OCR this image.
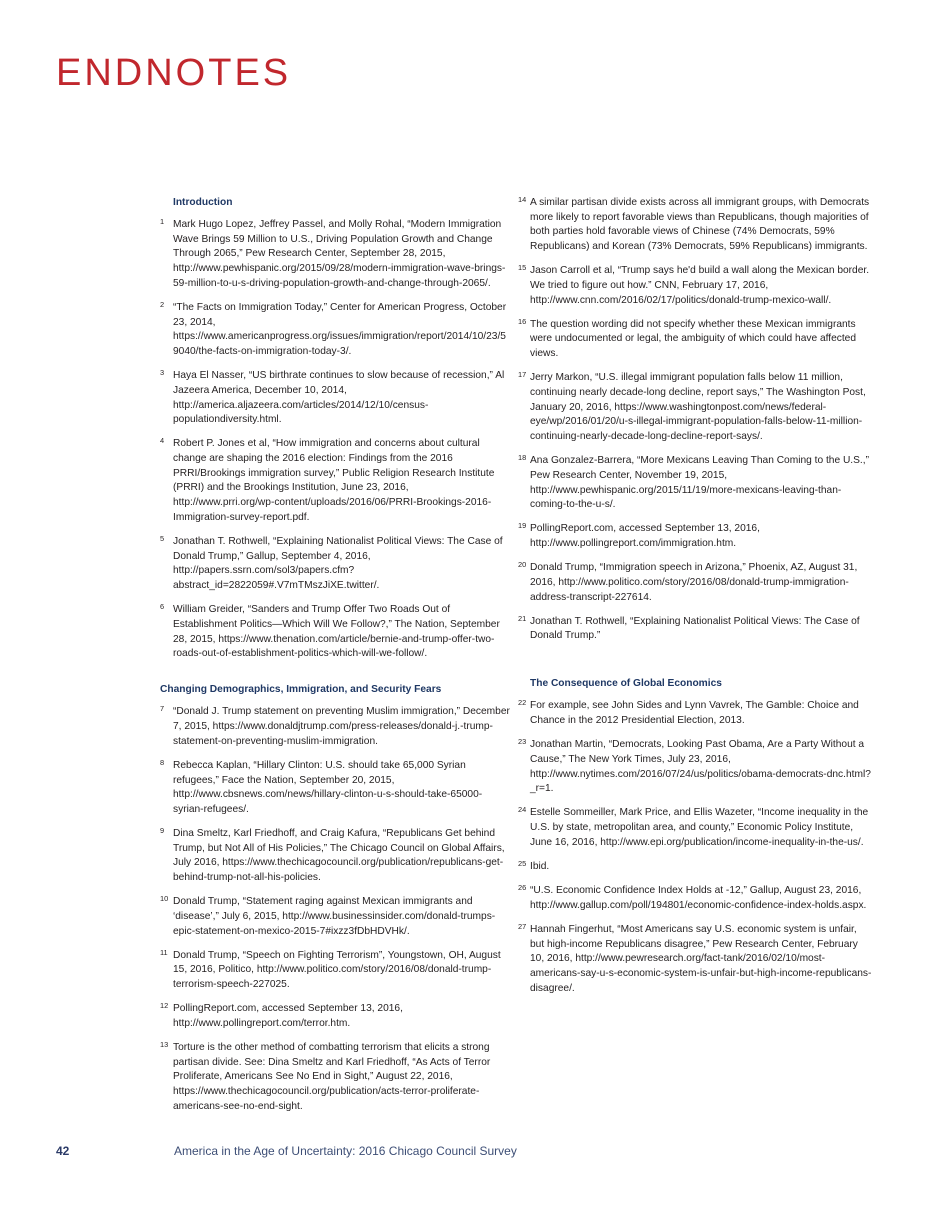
ENDNOTES
Introduction
1 Mark Hugo Lopez, Jeffrey Passel, and Molly Rohal, “Modern Immigration Wave Brings 59 Million to U.S., Driving Population Growth and Change Through 2065,” Pew Research Center, September 28, 2015, http://www.pewhispanic.org/2015/09/28/modern-immigration-wave-brings-59-million-to-u-s-driving-population-growth-and-change-through-2065/.
2 “The Facts on Immigration Today,” Center for American Progress, October 23, 2014, https://www.americanprogress.org/issues/immigration/report/2014/10/23/59040/the-facts-on-immigration-today-3/.
3 Haya El Nasser, “US birthrate continues to slow because of recession,” Al Jazeera America, December 10, 2014, http://america.aljazeera.com/articles/2014/12/10/census-populationdiversity.html.
4 Robert P. Jones et al, “How immigration and concerns about cultural change are shaping the 2016 election: Findings from the 2016 PRRI/Brookings immigration survey,” Public Religion Research Institute (PRRI) and the Brookings Institution, June 23, 2016, http://www.prri.org/wp-content/uploads/2016/06/PRRI-Brookings-2016-Immigration-survey-report.pdf.
5 Jonathan T. Rothwell, “Explaining Nationalist Political Views: The Case of Donald Trump,” Gallup, September 4, 2016, http://papers.ssrn.com/sol3/papers.cfm?abstract_id=2822059#.V7mTMszJiXE.twitter/.
6 William Greider, “Sanders and Trump Offer Two Roads Out of Establishment Politics—Which Will We Follow?,” The Nation, September 28, 2015, https://www.thenation.com/article/bernie-and-trump-offer-two-roads-out-of-establishment-politics-which-will-we-follow/.
Changing Demographics, Immigration, and Security Fears
7 “Donald J. Trump statement on preventing Muslim immigration,” December 7, 2015, https://www.donaldjtrump.com/press-releases/donald-j.-trump-statement-on-preventing-muslim-immigration.
8 Rebecca Kaplan, “Hillary Clinton: U.S. should take 65,000 Syrian refugees,” Face the Nation, September 20, 2015, http://www.cbsnews.com/news/hillary-clinton-u-s-should-take-65000-syrian-refugees/.
9 Dina Smeltz, Karl Friedhoff, and Craig Kafura, “Republicans Get behind Trump, but Not All of His Policies,” The Chicago Council on Global Affairs, July 2016, https://www.thechicagocouncil.org/publication/republicans-get-behind-trump-not-all-his-policies.
10 Donald Trump, “Statement raging against Mexican immigrants and ‘disease’,” July 6, 2015, http://www.businessinsider.com/donald-trumps-epic-statement-on-mexico-2015-7#ixzz3fDbHDVHk/.
11 Donald Trump, “Speech on Fighting Terrorism”, Youngstown, OH, August 15, 2016, Politico, http://www.politico.com/story/2016/08/donald-trump-terrorism-speech-227025.
12 PollingReport.com, accessed September 13, 2016, http://www.pollingreport.com/terror.htm.
13 Torture is the other method of combatting terrorism that elicits a strong partisan divide. See: Dina Smeltz and Karl Friedhoff, “As Acts of Terror Proliferate, Americans See No End in Sight,” August 22, 2016, https://www.thechicagocouncil.org/publication/acts-terror-proliferate-americans-see-no-end-sight.
14 A similar partisan divide exists across all immigrant groups, with Democrats more likely to report favorable views than Republicans, though majorities of both parties hold favorable views of Chinese (74% Democrats, 59% Republicans) and Korean (73% Democrats, 59% Republicans) immigrants.
15 Jason Carroll et al, “Trump says he'd build a wall along the Mexican border. We tried to figure out how.” CNN, February 17, 2016, http://www.cnn.com/2016/02/17/politics/donald-trump-mexico-wall/.
16 The question wording did not specify whether these Mexican immigrants were undocumented or legal, the ambiguity of which could have affected views.
17 Jerry Markon, “U.S. illegal immigrant population falls below 11 million, continuing nearly decade-long decline, report says,” The Washington Post, January 20, 2016, https://www.washingtonpost.com/news/federal-eye/wp/2016/01/20/u-s-illegal-immigrant-population-falls-below-11-million-continuing-nearly-decade-long-decline-report-says/.
18 Ana Gonzalez-Barrera, “More Mexicans Leaving Than Coming to the U.S.,” Pew Research Center, November 19, 2015, http://www.pewhispanic.org/2015/11/19/more-mexicans-leaving-than-coming-to-the-u-s/.
19 PollingReport.com, accessed September 13, 2016, http://www.pollingreport.com/immigration.htm.
20 Donald Trump, “Immigration speech in Arizona,” Phoenix, AZ, August 31, 2016, http://www.politico.com/story/2016/08/donald-trump-immigration-address-transcript-227614.
21 Jonathan T. Rothwell, “Explaining Nationalist Political Views: The Case of Donald Trump.”
The Consequence of Global Economics
22 For example, see John Sides and Lynn Vavrek, The Gamble: Choice and Chance in the 2012 Presidential Election, 2013.
23 Jonathan Martin, “Democrats, Looking Past Obama, Are a Party Without a Cause,” The New York Times, July 23, 2016, http://www.nytimes.com/2016/07/24/us/politics/obama-democrats-dnc.html?_r=1.
24 Estelle Sommeiller, Mark Price, and Ellis Wazeter, “Income inequality in the U.S. by state, metropolitan area, and county,” Economic Policy Institute, June 16, 2016, http://www.epi.org/publication/income-inequality-in-the-us/.
25 Ibid.
26 “U.S. Economic Confidence Index Holds at -12,” Gallup, August 23, 2016, http://www.gallup.com/poll/194801/economic-confidence-index-holds.aspx.
27 Hannah Fingerhut, “Most Americans say U.S. economic system is unfair, but high-income Republicans disagree,” Pew Research Center, February 10, 2016, http://www.pewresearch.org/fact-tank/2016/02/10/most-americans-say-u-s-economic-system-is-unfair-but-high-income-republicans-disagree/.
42	America in the Age of Uncertainty: 2016 Chicago Council Survey
